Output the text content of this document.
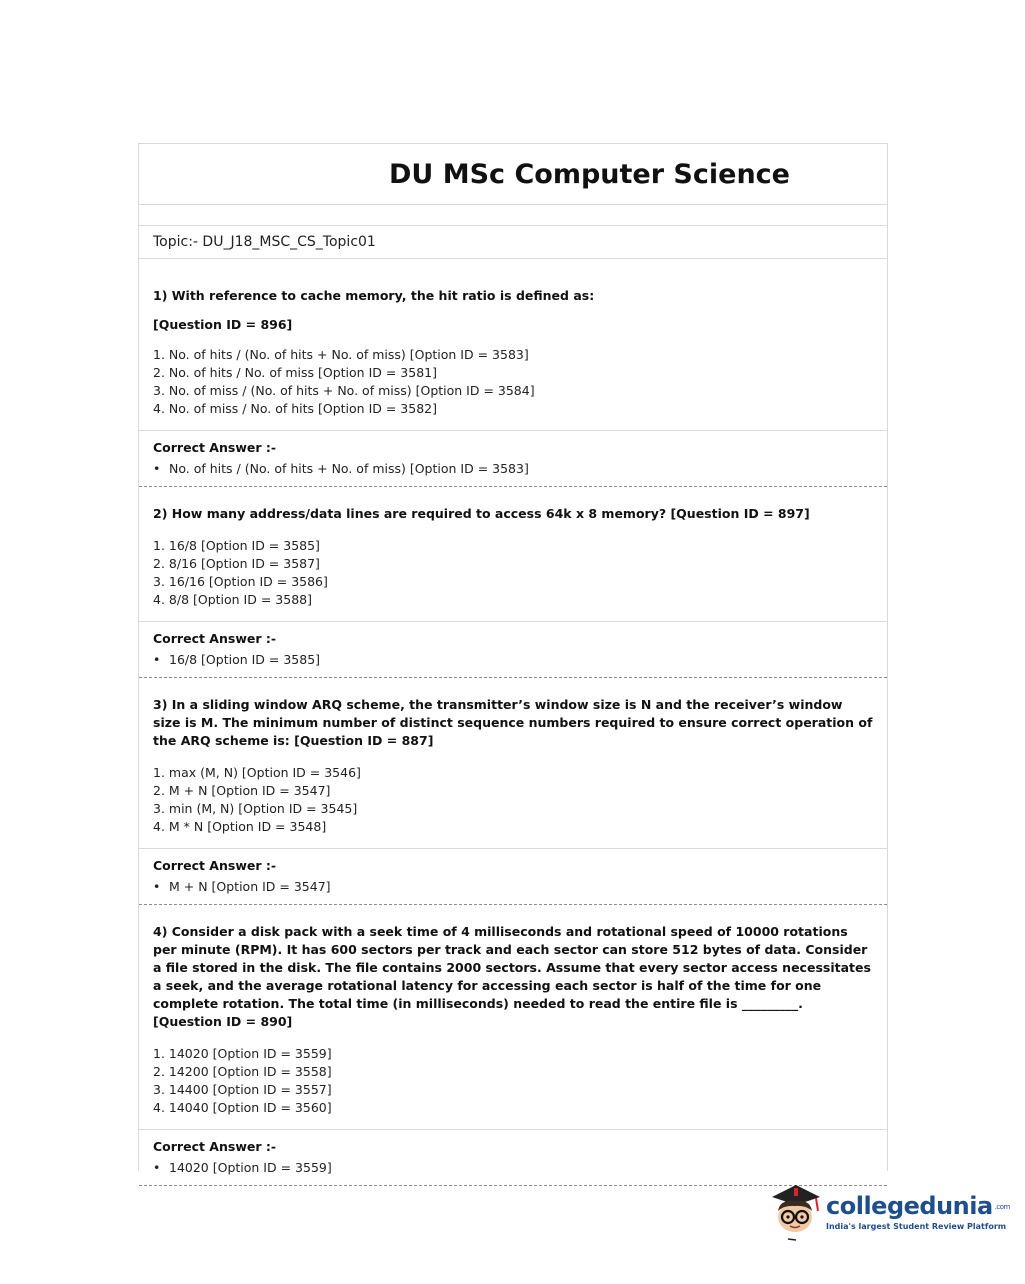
DU MSc Computer Science
Topic:- DU_J18_MSC_CS_Topic01

1) With reference to cache memory, the hit ratio is defined as:

[Question ID = 896]

1. No. of hits / (No. of hits + No. of miss) [Option ID = 3583]
2. No. of hits / No. of miss [Option ID = 3581]
3. No. of miss / (No. of hits + No. of miss) [Option ID = 3584]
4. No. of miss / No. of hits [Option ID = 3582]
Correct Answer :-
• No. of hits / (No. of hits + No. of miss) [Option ID = 3583]

2) How many address/data lines are required to access 64k x 8 memory? [Question ID = 897]

1. 16/8 [Option ID = 3585]
2. 8/16 [Option ID = 3587]
3. 16/16 [Option ID = 3586]
4. 8/8 [Option ID = 3588]
Correct Answer :-
• 16/8 [Option ID = 3585]

3) In a sliding window ARQ scheme, the transmitter’s window size is N and the receiver’s window size is M. The minimum number of distinct sequence numbers required to ensure correct operation of the ARQ scheme is: [Question ID = 887]

1. max (M, N) [Option ID = 3546]
2. M + N [Option ID = 3547]
3. min (M, N) [Option ID = 3545]
4. M * N [Option ID = 3548]
Correct Answer :-
• M + N [Option ID = 3547]

4) Consider a disk pack with a seek time of 4 milliseconds and rotational speed of 10000 rotations per minute (RPM). It has 600 sectors per track and each sector can store 512 bytes of data. Consider a file stored in the disk. The file contains 2000 sectors. Assume that every sector access necessitates a seek, and the average rotational latency for accessing each sector is half of the time for one complete rotation. The total time (in milliseconds) needed to read the entire file is _________. [Question ID = 890]

1. 14020 [Option ID = 3559]
2. 14200 [Option ID = 3558]
3. 14400 [Option ID = 3557]
4. 14040 [Option ID = 3560]
Correct Answer :-
• 14020 [Option ID = 3559]
collegedunia .com
India's largest Student Review Platform
